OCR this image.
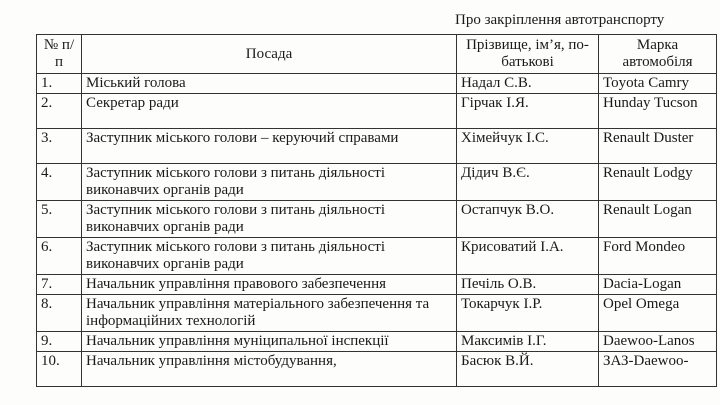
Про закріплення автотранспорту
№ п/п	Посада	Прізвище, ім’я, по-батькові	Марка автомобіля
1.	Міський голова	Надал С.В.	Toyota Camry
2.	Секретар ради	Гірчак І.Я.	Hunday Tucson
3.	Заступник міського голови – керуючий справами	Хімейчук І.С.	Renault Duster
4.	Заступник міського голови з питань діяльності виконавчих органів ради	Дідич В.Є.	Renault Lodgy
5.	Заступник міського голови з питань діяльності виконавчих органів ради	Остапчук В.О.	Renault Logan
6.	Заступник міського голови з питань діяльності виконавчих органів ради	Крисоватий І.А.	Ford Mondeo
7.	Начальник управління правового забезпечення	Печіль О.В.	Dacia-Logan
8.	Начальник управління матеріального забезпечення та інформаційних технологій	Токарчук І.Р.	Opel Omega
9.	Начальник управління муніципальної інспекції	Максимів І.Г.	Daewoo-Lanos
10.	Начальник управління містобудування,	Басюк В.Й.	ЗАЗ-Daewoo-
